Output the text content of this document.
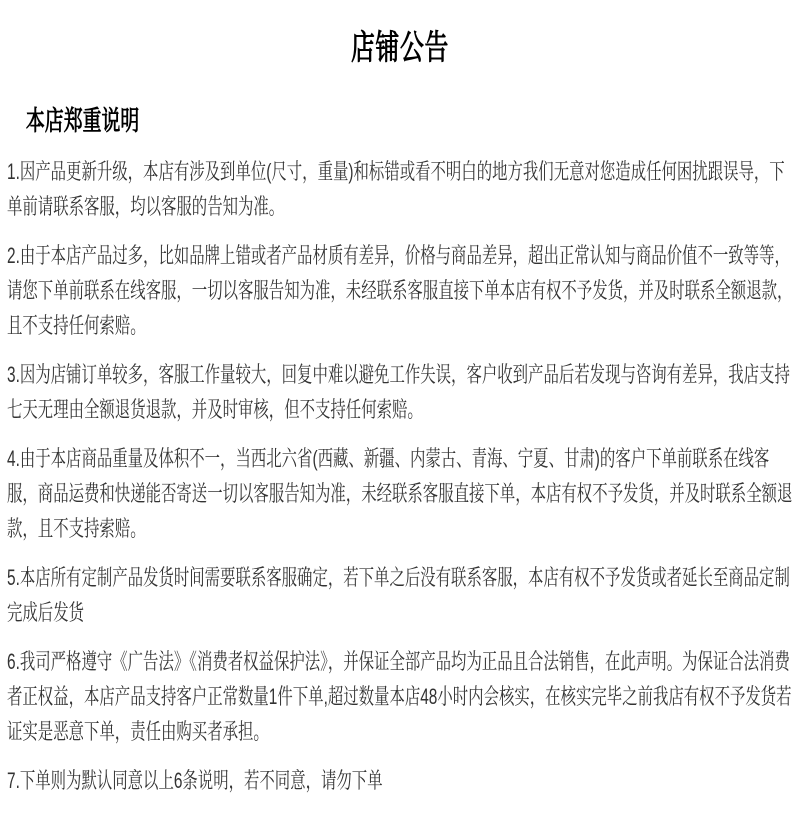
店铺公告
本店郑重说明

1.因产品更新升级，本店有涉及到单位(尺寸，重量)和标错或看不明白的地方我们无意对您造成任何困扰跟误导，下单前请联系客服，均以客服的告知为准。

2.由于本店产品过多，比如品牌上错或者产品材质有差异，价格与商品差异，超出正常认知与商品价值不一致等等，请您下单前联系在线客服，一切以客服告知为准，未经联系客服直接下单本店有权不予发货，并及时联系全额退款，且不支持任何索赔。

3.因为店铺订单较多，客服工作量较大，回复中难以避免工作失误，客户收到产品后若发现与咨询有差异，我店支持七天无理由全额退货退款，并及时审核，但不支持任何索赔。

4.由于本店商品重量及体积不一，当西北六省(西藏、新疆、内蒙古、青海、宁夏、甘肃)的客户下单前联系在线客服，商品运费和快递能否寄送一切以客服告知为准，未经联系客服直接下单，本店有权不予发货，并及时联系全额退款，且不支持索赔。

5.本店所有定制产品发货时间需要联系客服确定，若下单之后没有联系客服，本店有权不予发货或者延长至商品定制完成后发货

6.我司严格遵守《广告法》《消费者权益保护法》，并保证全部产品均为正品且合法销售，在此声明。为保证合法消费者正权益，本店产品支持客户正常数量1件下单,超过数量本店48小时内会核实，在核实完毕之前我店有权不予发货若证实是恶意下单，责任由购买者承担。

7.下单则为默认同意以上6条说明，若不同意，请勿下单
